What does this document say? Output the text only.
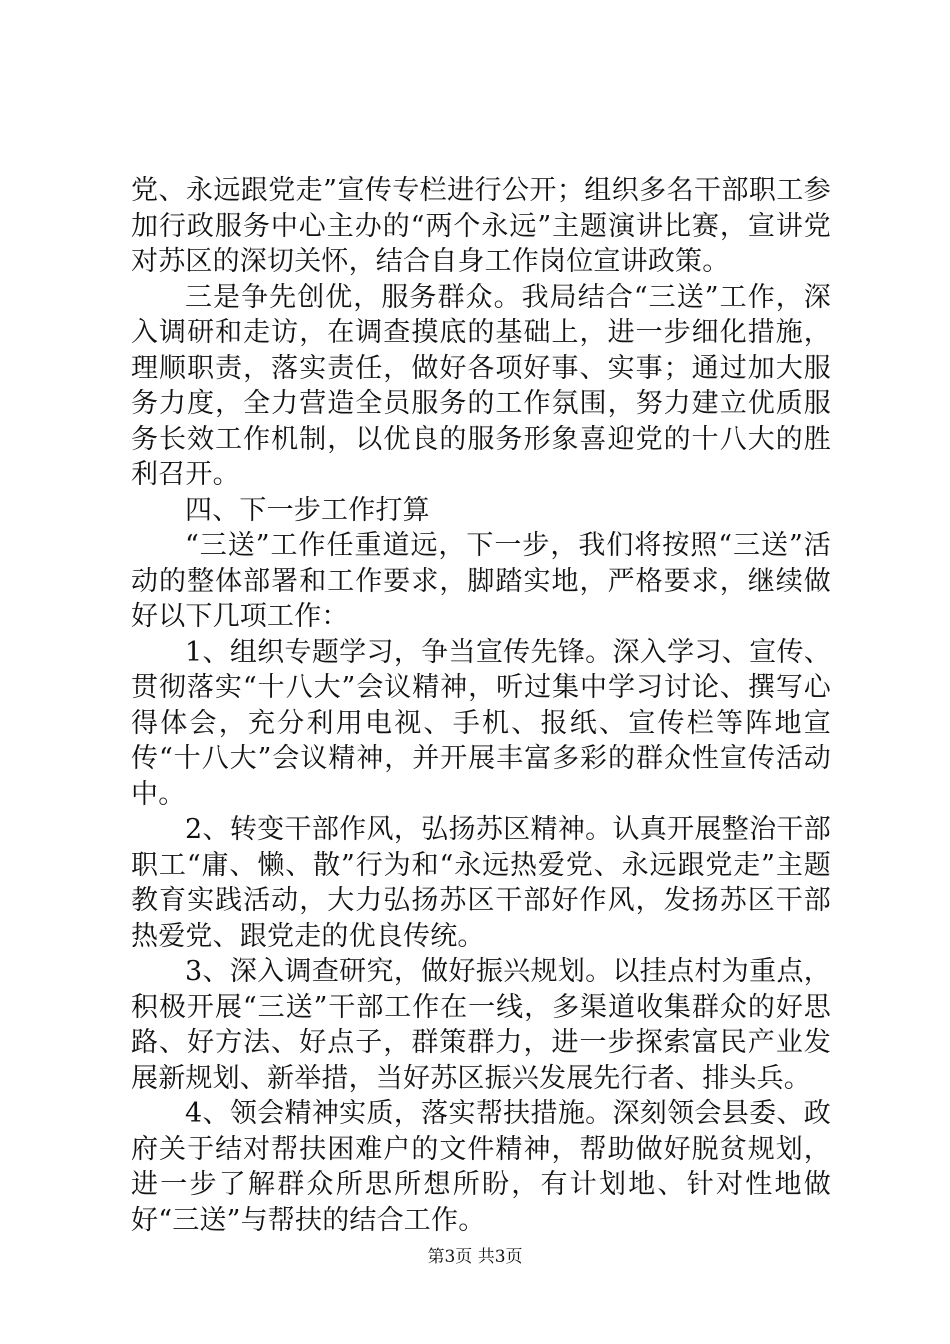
党、永远跟党走”宣传专栏进行公开；组织多名干部职工参加行政服务中心主办的“两个永远”主题演讲比赛，宣讲党对苏区的深切关怀，结合自身工作岗位宣讲政策。

三是争先创优，服务群众。我局结合“三送”工作，深入调研和走访，在调查摸底的基础上，进一步细化措施，理顺职责，落实责任，做好各项好事、实事；通过加大服务力度，全力营造全员服务的工作氛围，努力建立优质服务长效工作机制，以优良的服务形象喜迎党的十八大的胜利召开。

四、下一步工作打算

“三送”工作任重道远，下一步，我们将按照“三送”活动的整体部署和工作要求，脚踏实地，严格要求，继续做好以下几项工作：

1、组织专题学习，争当宣传先锋。深入学习、宣传、贯彻落实“十八大”会议精神，听过集中学习讨论、撰写心得体会，充分利用电视、手机、报纸、宣传栏等阵地宣传“十八大”会议精神，并开展丰富多彩的群众性宣传活动中。

2、转变干部作风，弘扬苏区精神。认真开展整治干部职工“庸、懒、散”行为和“永远热爱党、永远跟党走”主题教育实践活动，大力弘扬苏区干部好作风，发扬苏区干部热爱党、跟党走的优良传统。

3、深入调查研究，做好振兴规划。以挂点村为重点，积极开展“三送”干部工作在一线，多渠道收集群众的好思路、好方法、好点子，群策群力，进一步探索富民产业发展新规划、新举措，当好苏区振兴发展先行者、排头兵。

4、领会精神实质，落实帮扶措施。深刻领会县委、政府关于结对帮扶困难户的文件精神，帮助做好脱贫规划，进一步了解群众所思所想所盼，有计划地、针对性地做好“三送”与帮扶的结合工作。

第3页 共3页
